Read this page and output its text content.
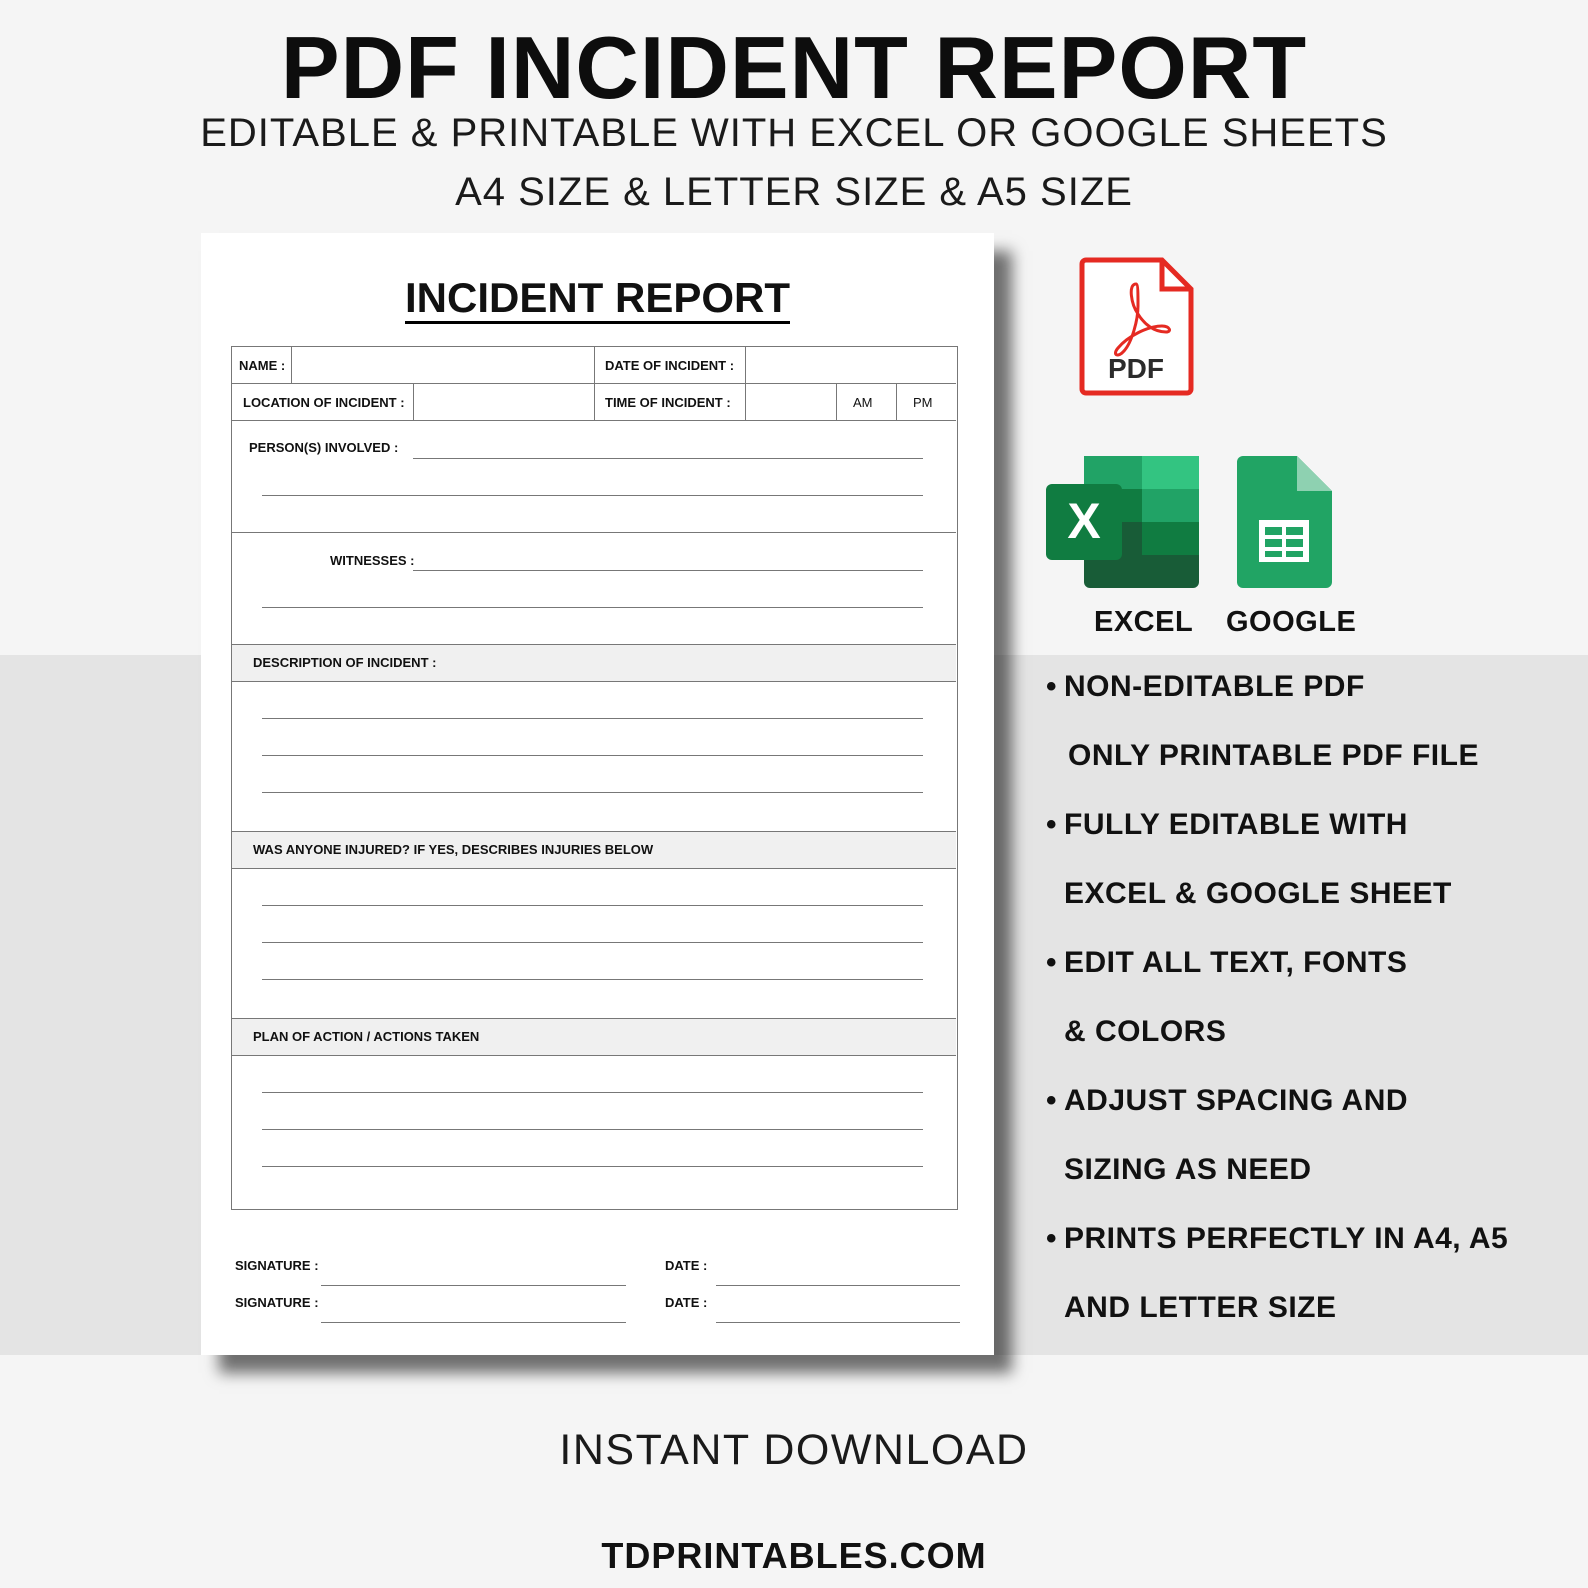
PDF INCIDENT REPORT
EDITABLE & PRINTABLE WITH EXCEL OR GOOGLE SHEETS
A4 SIZE & LETTER SIZE & A5 SIZE
INCIDENT REPORT
NAME :	DATE OF INCIDENT :
LOCATION OF INCIDENT :	TIME OF INCIDENT :	AM	PM
PERSON(S) INVOLVED :
WITNESSES :
DESCRIPTION OF INCIDENT :
WAS ANYONE INJURED? IF YES, DESCRIBES INJURIES BELOW
PLAN OF ACTION / ACTIONS TAKEN
SIGNATURE :	DATE :
SIGNATURE :	DATE :
PDF
X
EXCEL GOOGLE
• NON-EDITABLE PDF
ONLY PRINTABLE PDF FILE
• FULLY EDITABLE WITH
EXCEL & GOOGLE SHEET
• EDIT ALL TEXT, FONTS
& COLORS
• ADJUST SPACING AND
SIZING AS NEED
• PRINTS PERFECTLY IN A4, A5
AND LETTER SIZE
INSTANT DOWNLOAD
TDPRINTABLES.COM
